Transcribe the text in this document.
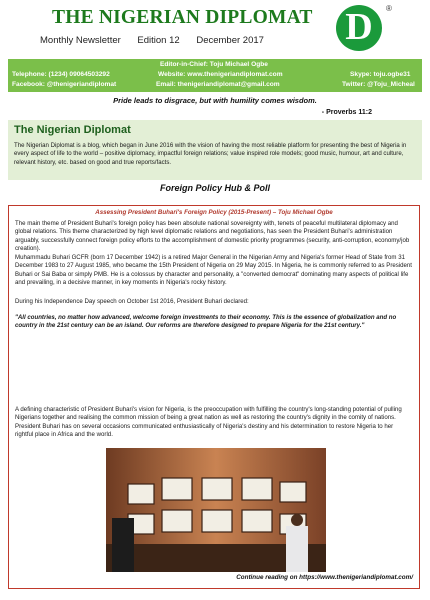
THE NIGERIAN DIPLOMAT
Monthly Newsletter Edition 12 December 2017	D	®
Editor-in-Chief: Toju Michael Ogbe
Telephone: (1234) 09064503292	Website: www.thenigeriandiplomat.com	Skype: toju.ogbe31
Facebook: @thenigeriandiplomat	Email: thenigeriandiplomat@gmail.com	Twitter: @Toju_Micheal
Pride leads to disgrace, but with humility comes wisdom.
- Proverbs 11:2
The Nigerian Diplomat
The Nigerian Diplomat is a blog, which began in June 2016 with the vision of having the most reliable platform for presenting the best of Nigeria in every aspect of life to the world – positive diplomacy, impactful foreign relations; value inspired role models; good music, humour, art and culture, relevant history, etc. based on good and true reports/facts.
Foreign Policy Hub & Poll
Assessing President Buhari's Foreign Policy (2015-Present) – Toju Michael Ogbe
The main theme of President Buhari's foreign policy has been absolute national sovereignty with, tenets of peaceful multilateral diplomacy and global relations. This theme characterized by high level diplomatic relations and negotiations, has seen the President Buhari's administration arguably, successfully connect foreign policy efforts to the accomplishment of domestic priority programmes (security, anti-corruption, economy/job creation).
Muhammadu Buhari GCFR (born 17 December 1942) is a retired Major General in the Nigerian Army and Nigeria's former Head of State from 31 December 1983 to 27 August 1985, who became the 15th President of Nigeria on 29 May 2015. In Nigeria, he is commonly referred to as President Buhari or Sai Baba or simply PMB. He is a colossus by character and personality, a "converted democrat" dominating many aspects of political life and prevailing, in a decisive manner, in key moments in Nigeria's rocky history.
During his Independence Day speech on October 1st 2016, President Buhari declared:
"All countries, no matter how advanced, welcome foreign investments to their economy. This is the essence of globalization and no country in the 21st century can be an island. Our reforms are therefore designed to prepare Nigeria for the 21st century."
A defining characteristic of President Buhari's vision for Nigeria, is the preoccupation with fulfilling the country's long-standing potential of pulling Nigerians together and realising the common mission of being a great nation as well as restoring the country's dignity in the comity of nations. President Buhari has on several occasions communicated enthusiastically of Nigeria's destiny and his determination to restore Nigeria to her rightful place in Africa and the world.
Continue reading on https://www.thenigeriandiplomat.com/
